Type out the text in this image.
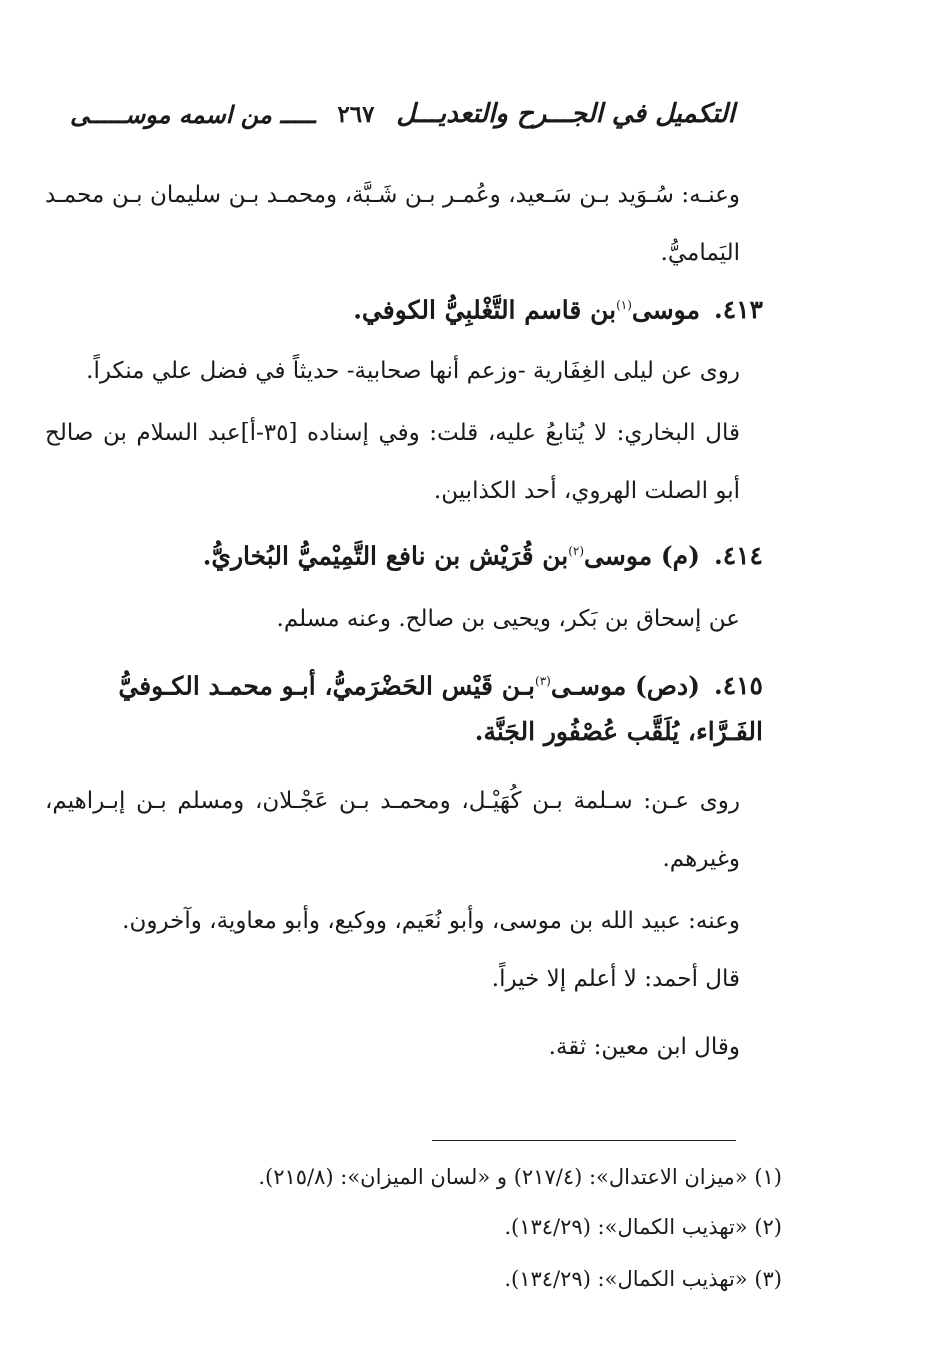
التكميل في الجـــرح والتعديـــل
٢٦٧
ـــــ من اسمه موســـــى
وعنـه: سُـوَيد بـن سَـعيد، وعُمـر بـن شَـبَّة، ومحمـد بـن سليمان بـن محمـد اليَماميُّ.
٤١٣.موسى$^{(١)}$بن قاسم التَّغْلبِيُّ الكوفي.
روى عن ليلى الغِفَارية -وزعم أنها صحابية- حديثاً في فضل علي منكراً.
قال البخاري: لا يُتابعُ عليه، قلت: وفي إسناده [٣٥-أ]عبد السلام بن صالح أبو الصلت الهروي، أحد الكذابين.
٤١٤.(م) موسى$^{(٢)}$بن قُرَيْش بن نافع التَّمِيْميُّ البُخاريُّ.
عن إسحاق بن بَكر، ويحيى بن صالح. وعنه مسلم.
٤١٥.(دص) موسـى$^{(٣)}$بـن قَيْس الحَضْرَميُّ، أبـو محمـد الكـوفيُّ الفَـرَّاء، يُلَقَّب عُصْفُور الجَنَّة.
روى عـن: سـلمة بـن كُهَيْـل، ومحمـد بـن عَجْـلان، ومسلم بـن إبـراهيم، وغيرهم.
وعنه: عبيد الله بن موسى، وأبو نُعَيم، ووكيع، وأبو معاوية، وآخرون.
قال أحمد: لا أعلم إلا خيراً.
وقال ابن معين: ثقة.
(١) «ميزان الاعتدال»: (٢١٧/٤) و «لسان الميزان»: (٢١٥/٨).
(٢) «تهذيب الكمال»: (١٣٤/٢٩).
(٣) «تهذيب الكمال»: (١٣٤/٢٩).
